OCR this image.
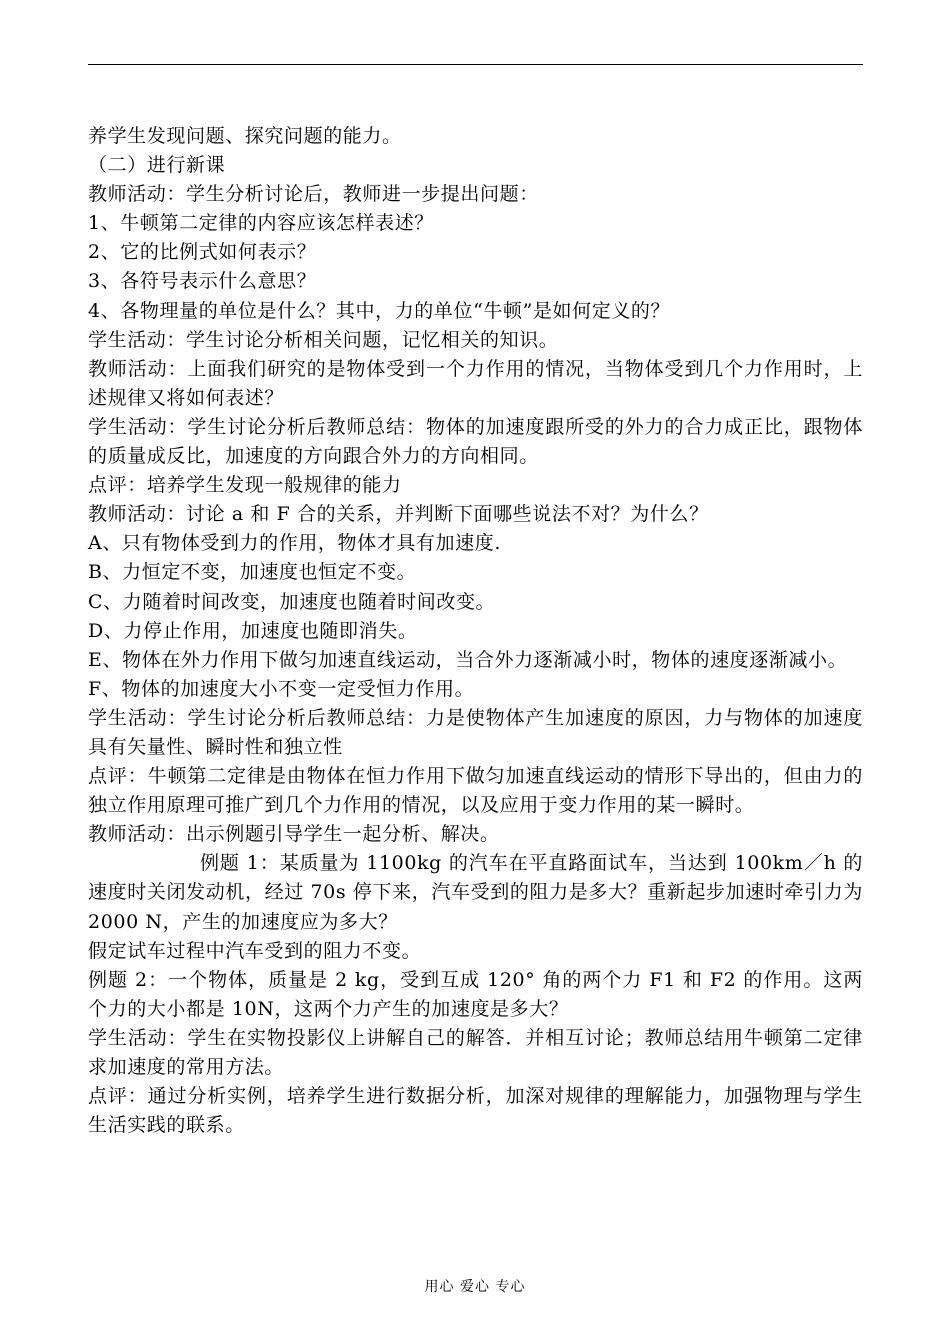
养学生发现问题、探究问题的能力。

（二）进行新课

教师活动：学生分析讨论后，教师进一步提出问题：

1、牛顿第二定律的内容应该怎样表述？

2、它的比例式如何表示？

3、各符号表示什么意思？

4、各物理量的单位是什么？其中，力的单位“牛顿”是如何定义的？

学生活动：学生讨论分析相关问题，记忆相关的知识。

教师活动：上面我们研究的是物体受到一个力作用的情况，当物体受到几个力作用时，上述规律又将如何表述？

学生活动：学生讨论分析后教师总结：物体的加速度跟所受的外力的合力成正比，跟物体的质量成反比，加速度的方向跟合外力的方向相同。

点评：培养学生发现一般规律的能力

教师活动：讨论 a 和 F 合的关系，并判断下面哪些说法不对？为什么？

A、只有物体受到力的作用，物体才具有加速度.

B、力恒定不变，加速度也恒定不变。

C、力随着时间改变，加速度也随着时间改变。

D、力停止作用，加速度也随即消失。

E、物体在外力作用下做匀加速直线运动，当合外力逐渐减小时，物体的速度逐渐减小。

F、物体的加速度大小不变一定受恒力作用。

学生活动：学生讨论分析后教师总结：力是使物体产生加速度的原因，力与物体的加速度具有矢量性、瞬时性和独立性

点评：牛顿第二定律是由物体在恒力作用下做匀加速直线运动的情形下导出的，但由力的独立作用原理可推广到几个力作用的情况，以及应用于变力作用的某一瞬时。

教师活动：出示例题引导学生一起分析、解决。

例题 1：某质量为 1100kg 的汽车在平直路面试车，当达到 100km／h 的速度时关闭发动机，经过 70s 停下来，汽车受到的阻力是多大？重新起步加速时牵引力为 2000 N，产生的加速度应为多大？

假定试车过程中汽车受到的阻力不变。

例题 2：一个物体，质量是 2 kg，受到互成 120° 角的两个力 F1 和 F2 的作用。这两个力的大小都是 10N，这两个力产生的加速度是多大？

学生活动：学生在实物投影仪上讲解自己的解答．并相互讨论；教师总结用牛顿第二定律求加速度的常用方法。

点评：通过分析实例，培养学生进行数据分析，加深对规律的理解能力，加强物理与学生生活实践的联系。

用心 爱心 专心
